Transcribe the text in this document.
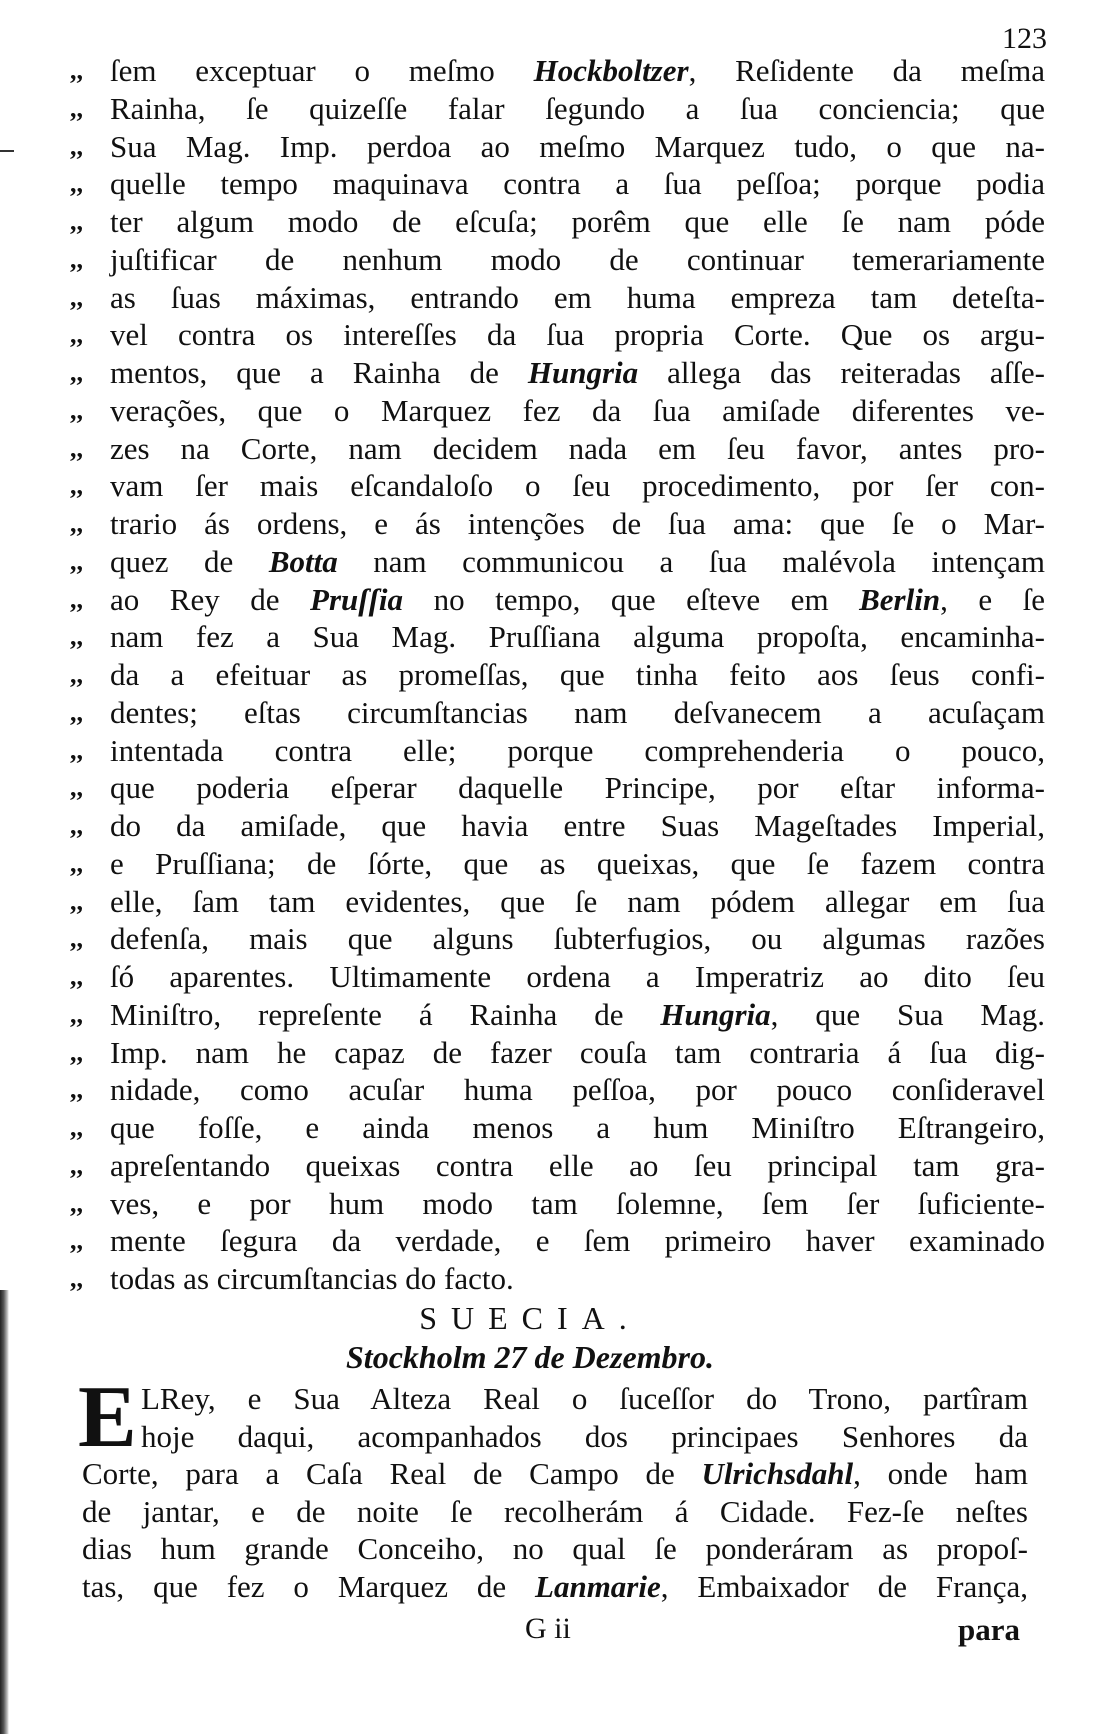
123
,, ſem exceptuar o meſmo Hockboltzer, Reſidente da meſma
,, Rainha, ſe quizeſſe falar ſegundo a ſua conciencia; que
,, Sua Mag. Imp. perdoa ao meſmo Marquez tudo, o que na-
,, quelle tempo maquinava contra a ſua peſſoa; porque podia
,, ter algum modo de eſcuſa; porêm que elle ſe nam póde
,, juſtificar de nenhum modo de continuar temerariamente
,, as ſuas máximas, entrando em huma empreza tam deteſta-
,, vel contra os intereſſes da ſua propria Corte. Que os argu-
,, mentos, que a Rainha de Hungria allega das reiteradas aſſe-
,, verações, que o Marquez fez da ſua amiſade diferentes ve-
,, zes na Corte, nam decidem nada em ſeu favor, antes pro-
,, vam ſer mais eſcandaloſo o ſeu procedimento, por ſer con-
,, trario ás ordens, e ás intenções de ſua ama: que ſe o Mar-
,, quez de Botta nam communicou a ſua malévola intençam
,, ao Rey de Pruſſia no tempo, que eſteve em Berlin, e ſe
,, nam fez a Sua Mag. Pruſſiana alguma propoſta, encaminha-
,, da a efeituar as promeſſas, que tinha feito aos ſeus confi-
,, dentes; eſtas circumſtancias nam deſvanecem a acuſaçam
,, intentada contra elle; porque comprehenderia o pouco,
,, que poderia eſperar daquelle Principe, por eſtar informa-
,, do da amiſade, que havia entre Suas Mageſtades Imperial,
,, e Pruſſiana; de ſórte, que as queixas, que ſe fazem contra
,, elle, ſam tam evidentes, que ſe nam pódem allegar em ſua
,, defenſa, mais que alguns ſubterfugios, ou algumas razões
,, ſó aparentes. Ultimamente ordena a Imperatriz ao dito ſeu
,, Miniſtro, repreſente á Rainha de Hungria, que Sua Mag.
,, Imp. nam he capaz de fazer couſa tam contraria á ſua dig-
,, nidade, como acuſar huma peſſoa, por pouco conſideravel
,, que foſſe, e ainda menos a hum Miniſtro Eſtrangeiro,
,, apreſentando queixas contra elle ao ſeu principal tam gra-
,, ves, e por hum modo tam ſolemne, ſem ſer ſuficiente-
,, mente ſegura da verdade, e ſem primeiro haver examinado
,, todas as circumſtancias do facto.
SUECIA.
Stockholm 27 de Dezembro.
E LRey, e Sua Alteza Real o ſuceſſor do Trono, partîram
hoje daqui, acompanhados dos principaes Senhores da
Corte, para a Caſa Real de Campo de Ulrichsdahl, onde ham
de jantar, e de noite ſe recolherám á Cidade. Fez-ſe neſtes
dias hum grande Conceiho, no qual ſe ponderáram as propoſ-
tas, que fez o Marquez de Lanmarie, Embaixador de França,
G ii	para
